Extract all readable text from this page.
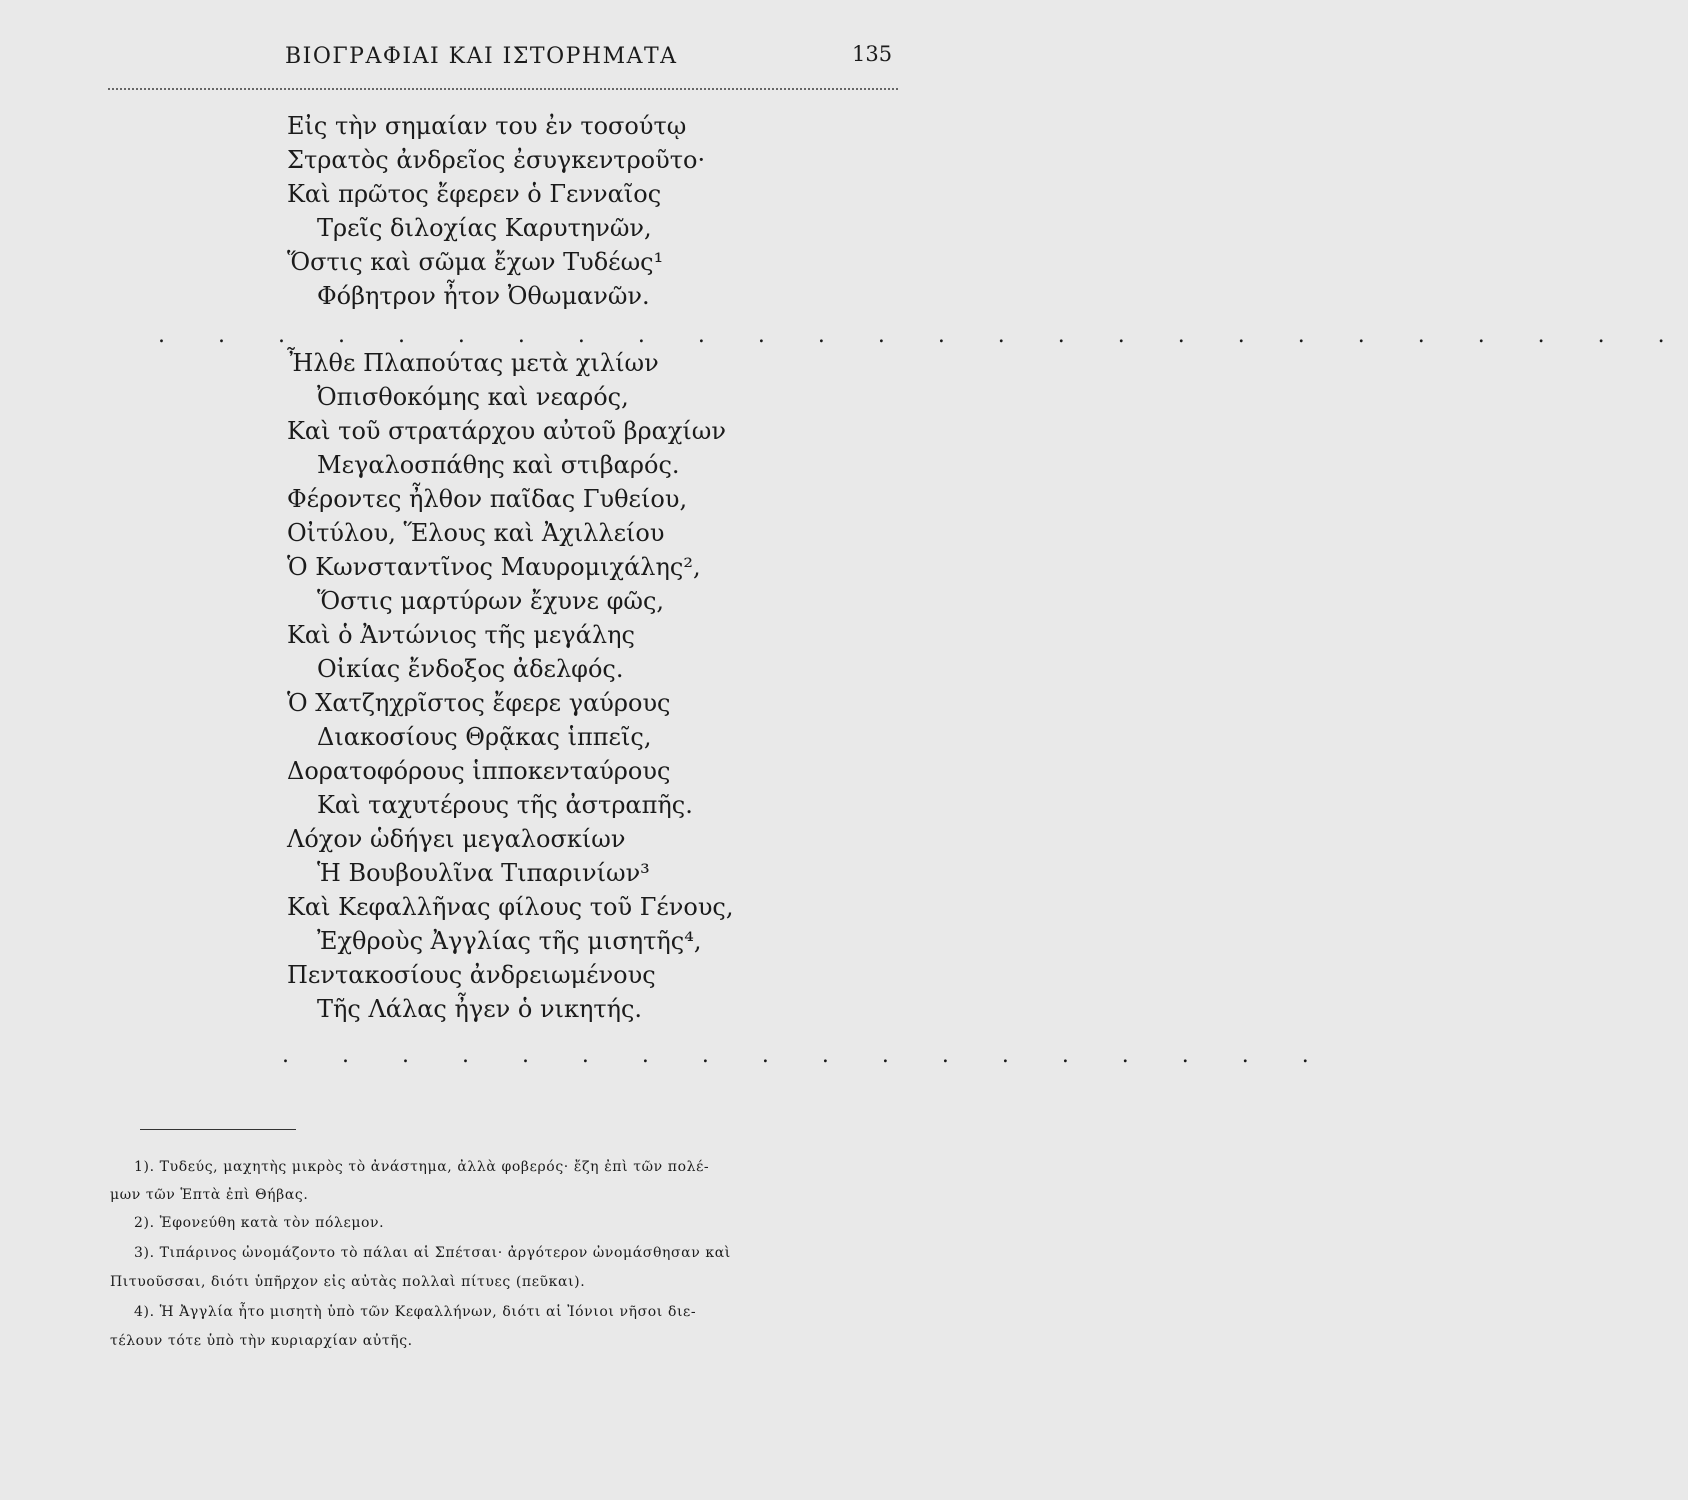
ΒΙΟΓΡΑΦΙΑΙ ΚΑΙ ΙΣΤΟΡΗΜΑΤΑ	135
Εἰς τὴν σημαίαν του ἐν τοσούτῳ
Στρατὸς ἀνδρεῖος ἐσυγκεντροῦτο·
Καὶ πρῶτος ἔφερεν ὁ Γενναῖος
Τρεῖς διλοχίας Καρυτηνῶν,
Ὅστις καὶ σῶμα ἔχων Τυδέως¹
Φόβητρον ἦτον Ὀθωμανῶν.
. . . . . . . . . . . . . . . . . . . . . . . . . .
Ἦλθε Πλαπούτας μετὰ χιλίων
Ὀπισθοκόμης καὶ νεαρός,
Καὶ τοῦ στρατάρχου αὐτοῦ βραχίων
Μεγαλοσπάθης καὶ στιβαρός.
Φέροντες ἦλθον παῖδας Γυθείου,
Οἰτύλου, Ἕλους καὶ Ἀχιλλείου
Ὁ Κωνσταντῖνος Μαυρομιχάλης²,
Ὅστις μαρτύρων ἔχυνε φῶς,
Καὶ ὁ Ἀντώνιος τῆς μεγάλης
Οἰκίας ἔνδοξος ἀδελφός.
Ὁ Χατζηχρῖστος ἔφερε γαύρους
Διακοσίους Θρᾷκας ἱππεῖς,
Δορατοφόρους ἱπποκενταύρους
Καὶ ταχυτέρους τῆς ἀστραπῆς.
Λόχον ὡδήγει μεγαλοσκίων
Ἡ Βουβουλῖνα Τιπαρινίων³
Καὶ Κεφαλλῆνας φίλους τοῦ Γένους,
Ἐχθροὺς Ἀγγλίας τῆς μισητῆς⁴,
Πεντακοσίους ἀνδρειωμένους
Τῆς Λάλας ἦγεν ὁ νικητής.
. . . . . . . . . . . . . . . . . .
1). Τυδεύς, μαχητὴς μικρὸς τὸ ἀνάστημα, ἀλλὰ φοβερός· ἔζη ἐπὶ τῶν πολέ-
μων τῶν Ἑπτὰ ἐπὶ Θήβας.
2). Ἐφονεύθη κατὰ τὸν πόλεμον.
3). Τιπάρινος ὠνομάζοντο τὸ πάλαι αἱ Σπέτσαι· ἀργότερον ὠνομάσθησαν καὶ
Πιτυοῦσσαι, διότι ὑπῆρχον εἰς αὐτὰς πολλαὶ πίτυες (πεῦκαι).
4). Ἡ Ἀγγλία ἦτο μισητὴ ὑπὸ τῶν Κεφαλλήνων, διότι αἱ Ἰόνιοι νῆσοι διε-
τέλουν τότε ὑπὸ τὴν κυριαρχίαν αὐτῆς.
